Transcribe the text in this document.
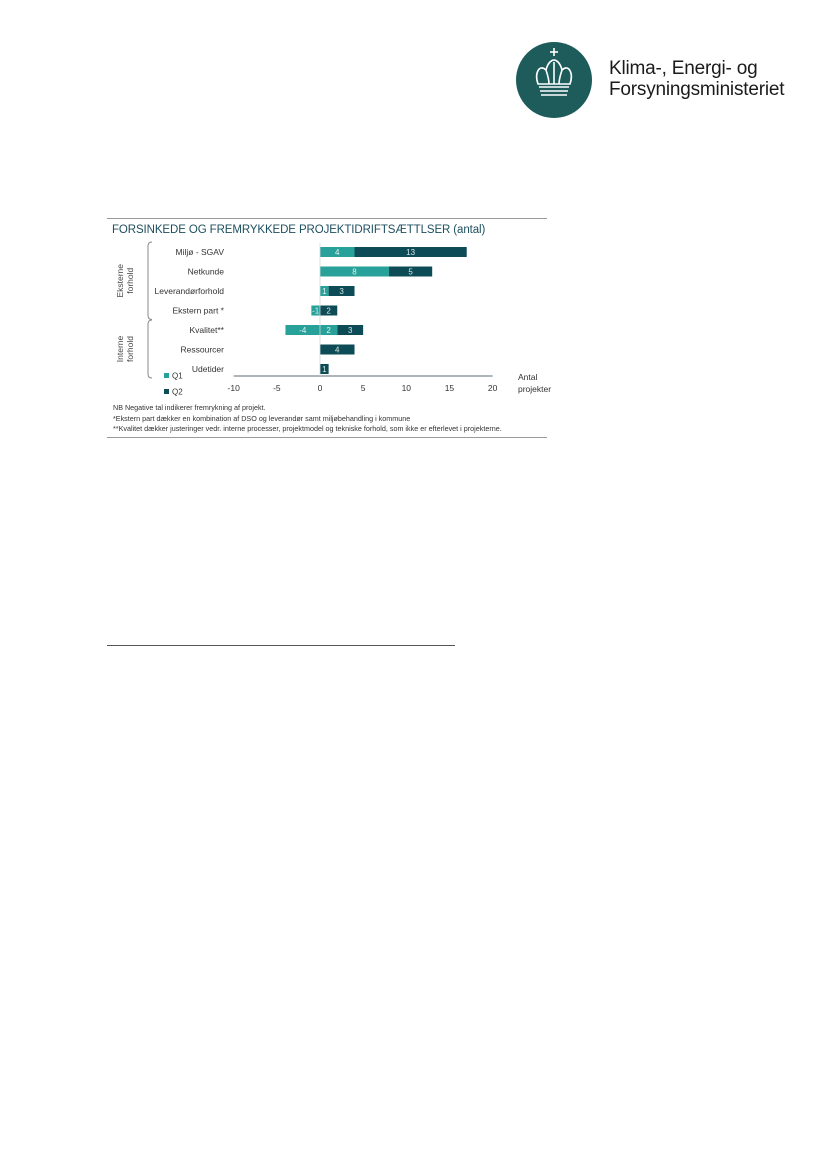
Klima-, Energi- og
Forsyningsministeriet
FORSINKEDE OG FREMRYKKEDE PROJEKTIDRIFTSÆTTLSER (antal)
Miljø - SGAV
Netkunde
Leverandørforhold
Ekstern part *
Kvalitet**
Ressourcer
Udetider
Eksterne forhold
Interne forhold
4	13
8	5
1 3
-1 2
-4	2 3
4
1
-10	-5	0	5	10	15	20
Antal
projekter
Q1
Q2
NB Negative tal indikerer fremrykning af projekt.
*Ekstern part dækker en kombination af DSO og leverandør samt miljøbehandling i kommune
**Kvalitet dækker justeringer vedr. interne processer, projektmodel og tekniske forhold, som ikke er efterlevet i projekterne.
